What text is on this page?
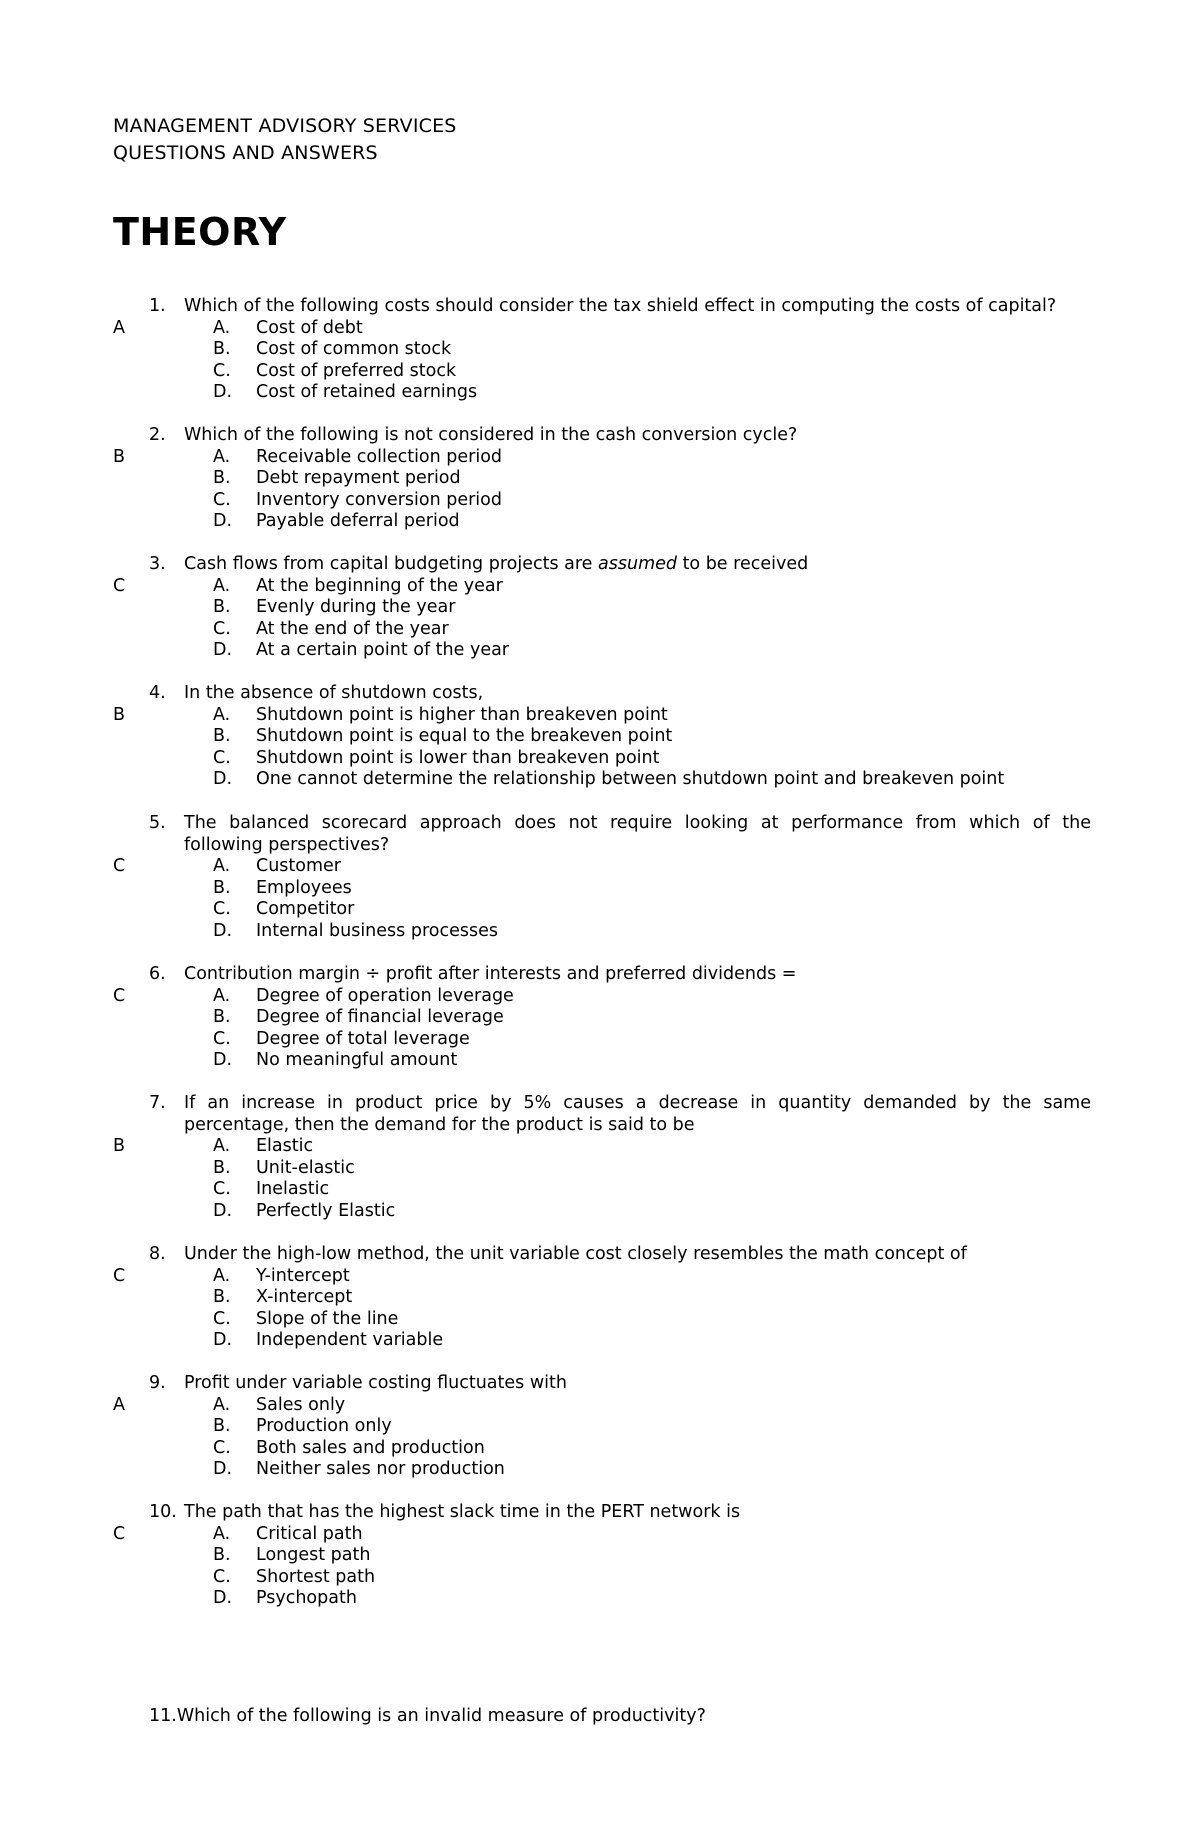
MANAGEMENT ADVISORY SERVICES
QUESTIONS AND ANSWERS
THEORY
1. Which of the following costs should consider the tax shield effect in computing the costs of capital?
A	A. Cost of debt
B. Cost of common stock
C. Cost of preferred stock
D. Cost of retained earnings
2. Which of the following is not considered in the cash conversion cycle?
B	A. Receivable collection period
B. Debt repayment period
C. Inventory conversion period
D. Payable deferral period
3. Cash flows from capital budgeting projects are assumed to be received
C	A. At the beginning of the year
B. Evenly during the year
C. At the end of the year
D. At a certain point of the year
4. In the absence of shutdown costs,
B	A. Shutdown point is higher than breakeven point
B. Shutdown point is equal to the breakeven point
C. Shutdown point is lower than breakeven point
D. One cannot determine the relationship between shutdown point and breakeven point
5. The balanced scorecard approach does not require looking at performance from which of the
following perspectives?
C	A. Customer
B. Employees
C. Competitor
D. Internal business processes
6. Contribution margin ÷ profit after interests and preferred dividends =
C	A. Degree of operation leverage
B. Degree of financial leverage
C. Degree of total leverage
D. No meaningful amount
7. If an increase in product price by 5% causes a decrease in quantity demanded by the same
percentage, then the demand for the product is said to be
B	A. Elastic
B. Unit-elastic
C. Inelastic
D. Perfectly Elastic
8. Under the high-low method, the unit variable cost closely resembles the math concept of
C	A. Y-intercept
B. X-intercept
C. Slope of the line
D. Independent variable
9. Profit under variable costing fluctuates with
A	A. Sales only
B. Production only
C. Both sales and production
D. Neither sales nor production
10. The path that has the highest slack time in the PERT network is
C	A. Critical path
B. Longest path
C. Shortest path
D. Psychopath
11.Which of the following is an invalid measure of productivity?
